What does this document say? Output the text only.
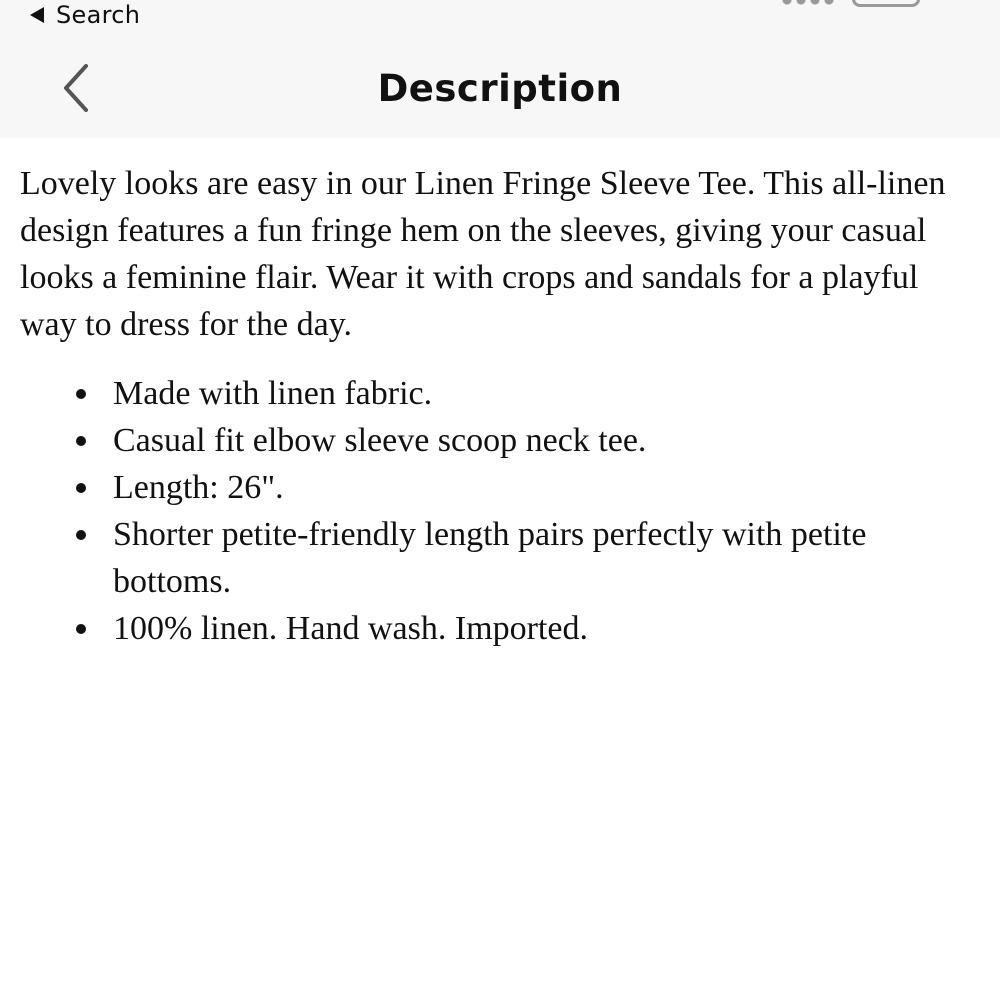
Search
Description

Lovely looks are easy in our Linen Fringe Sleeve Tee. This all-linen design features a fun fringe hem on the sleeves, giving your casual looks a feminine flair. Wear it with crops and sandals for a playful way to dress for the day.

Made with linen fabric.
Casual fit elbow sleeve scoop neck tee.
Length: 26".
Shorter petite-friendly length pairs perfectly with petite bottoms.
100% linen. Hand wash. Imported.
